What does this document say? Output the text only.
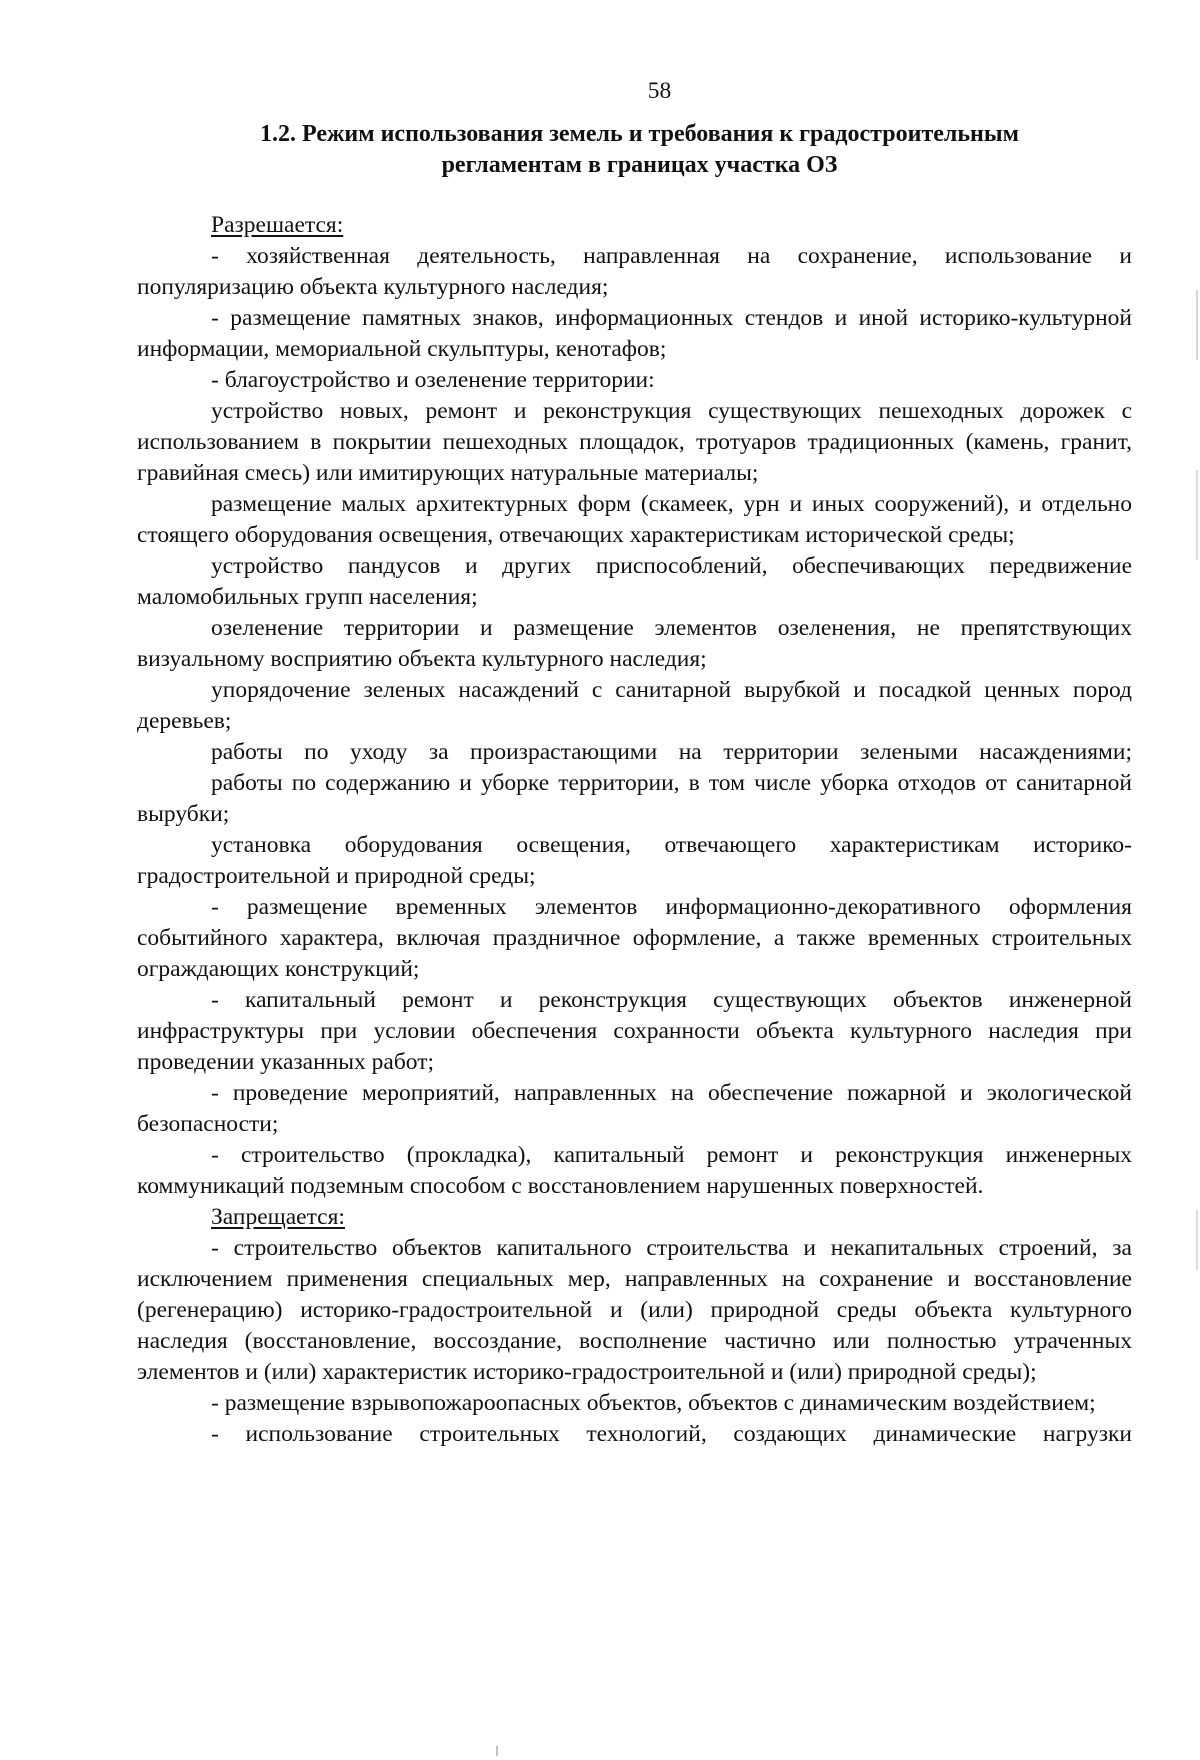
58
1.2. Режим использования земель и требования к градостроительным
регламентам в границах участка ОЗ
Разрешается:

- хозяйственная деятельность, направленная на сохранение, использование и популяризацию объекта культурного наследия;

- размещение памятных знаков, информационных стендов и иной историко-культурной информации, мемориальной скульптуры, кенотафов;

- благоустройство и озеленение территории:

устройство новых, ремонт и реконструкция существующих пешеходных дорожек с использованием в покрытии пешеходных площадок, тротуаров традиционных (камень, гранит, гравийная смесь) или имитирующих натуральные материалы;

размещение малых архитектурных форм (скамеек, урн и иных сооружений), и отдельно стоящего оборудования освещения, отвечающих характеристикам исторической среды;

устройство пандусов и других приспособлений, обеспечивающих передвижение маломобильных групп населения;

озеленение территории и размещение элементов озеленения, не препятствующих визуальному восприятию объекта культурного наследия;

упорядочение зеленых насаждений с санитарной вырубкой и посадкой ценных пород деревьев;

работы по уходу за произрастающими на территории зелеными насаждениями;

работы по содержанию и уборке территории, в том числе уборка отходов от санитарной вырубки;

установка оборудования освещения, отвечающего характеристикам историко-градостроительной и природной среды;

- размещение временных элементов информационно-декоративного оформления событийного характера, включая праздничное оформление, а также временных строительных ограждающих конструкций;

- капитальный ремонт и реконструкция существующих объектов инженерной инфраструктуры при условии обеспечения сохранности объекта культурного наследия при проведении указанных работ;

- проведение мероприятий, направленных на обеспечение пожарной и экологической безопасности;

- строительство (прокладка), капитальный ремонт и реконструкция инженерных коммуникаций подземным способом с восстановлением нарушенных поверхностей.

Запрещается:

- строительство объектов капитального строительства и некапитальных строений, за исключением применения специальных мер, направленных на сохранение и восстановление (регенерацию) историко-градостроительной и (или) природной среды объекта культурного наследия (восстановление, воссоздание, восполнение частично или полностью утраченных элементов и (или) характеристик историко-градостроительной и (или) природной среды);

- размещение взрывопожароопасных объектов, объектов с динамическим воздействием;

- использование строительных технологий, создающих динамические нагрузки
